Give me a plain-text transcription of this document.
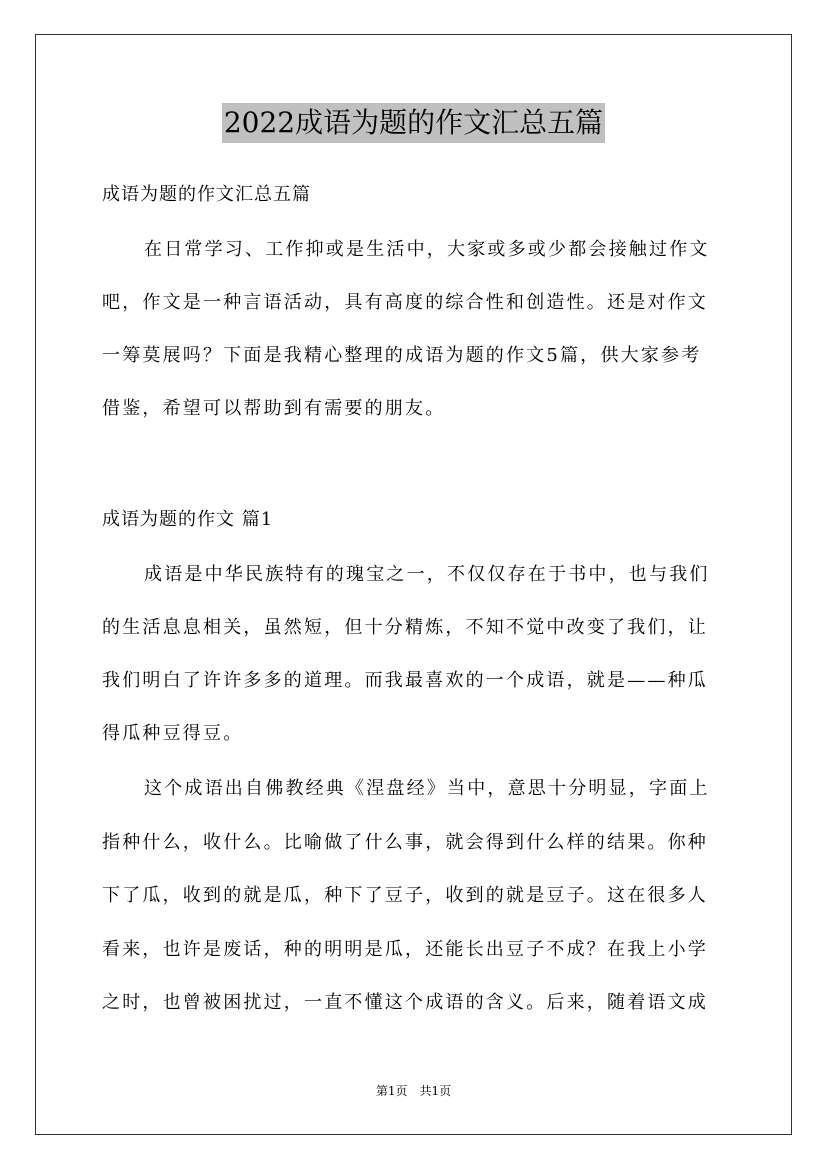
2022成语为题的作文汇总五篇
成语为题的作文汇总五篇
在日常学习、工作抑或是生活中，大家或多或少都会接触过作文
吧，作文是一种言语活动，具有高度的综合性和创造性。还是对作文
一筹莫展吗？下面是我精心整理的成语为题的作文5篇，供大家参考
借鉴，希望可以帮助到有需要的朋友。
成语为题的作文 篇1
成语是中华民族特有的瑰宝之一，不仅仅存在于书中，也与我们
的生活息息相关，虽然短，但十分精炼，不知不觉中改变了我们，让
我们明白了许许多多的道理。而我最喜欢的一个成语，就是——种瓜
得瓜种豆得豆。
这个成语出自佛教经典《涅盘经》当中，意思十分明显，字面上
指种什么，收什么。比喻做了什么事，就会得到什么样的结果。你种
下了瓜，收到的就是瓜，种下了豆子，收到的就是豆子。这在很多人
看来，也许是废话，种的明明是瓜，还能长出豆子不成？在我上小学
之时，也曾被困扰过，一直不懂这个成语的含义。后来，随着语文成
第1页　共1页
